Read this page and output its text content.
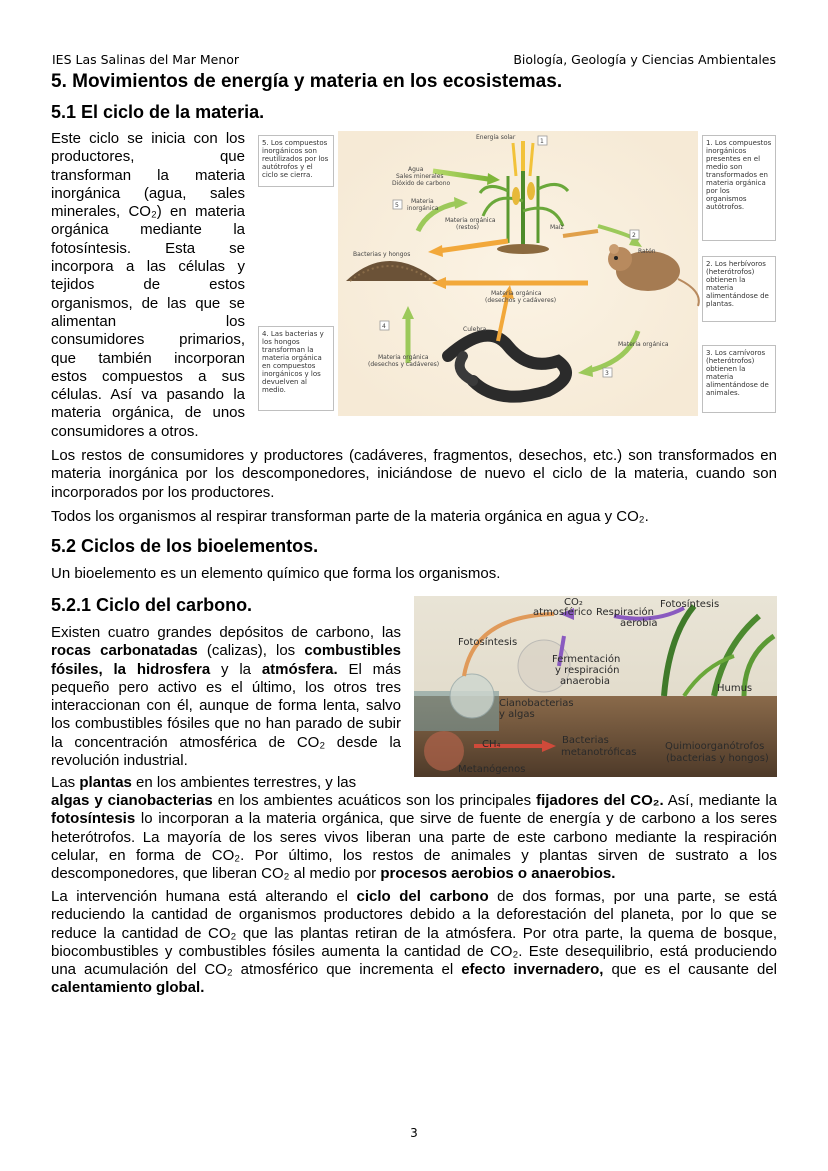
IES Las Salinas del Mar Menor	Biología, Geología y Ciencias Ambientales
5. Movimientos de energía y materia en los ecosistemas.
5.1 El ciclo de la materia.
Este ciclo se inicia con los
productores, que
transforman la materia
inorgánica (agua, sales
minerales, CO₂) en materia
orgánica mediante la
fotosíntesis. Esta se
incorpora a las células y
tejidos de estos
organismos, de las que se
alimentan los
consumidores primarios,
que también incorporan
estos compuestos a sus
células. Así va pasando la
materia orgánica, de unos
consumidores a otros.
1
5
2
4
3
Energía solar
Agua
Sales minerales
Dióxido de carbono
Materia
inorgánica
Materia orgánica
(restos)	Maíz
Bacterias y hongos	Ratón
Materia orgánica
(desechos y cadáveres)
Culebra
Materia orgánica
Materia orgánica
(desechos y cadáveres)
5. Los compuestos inorgánicos son reutilizados por los autótrofos y el ciclo se cierra.
4. Las bacterias y los hongos transforman la materia orgánica en compuestos inorgánicos y los devuelven al medio.
1. Los compuestos inorgánicos presentes en el medio son transformados en materia orgánica por los organismos autótrofos.
2. Los herbívoros (heterótrofos) obtienen la materia alimentándose de plantas.
3. Los carnívoros (heterótrofos) obtienen la materia alimentándose de animales.
Los restos de consumidores y productores (cadáveres, fragmentos, desechos, etc.) son transformados en materia inorgánica por los descomponedores, iniciándose de nuevo el ciclo de la materia, cuando son incorporados por los productores.
Todos los organismos al respirar transforman parte de la materia orgánica en agua y CO₂.
5.2 Ciclos de los bioelementos.
Un bioelemento es un elemento químico que forma los organismos.
5.2.1 Ciclo del carbono.
Existen cuatro grandes depósitos de carbono, las rocas carbonatadas (calizas), los combustibles fósiles, la hidrosfera y la atmósfera. El más pequeño pero activo es el último, los otros tres interaccionan con él, aunque de forma lenta, salvo los combustibles fósiles que no han parado de subir la concentración atmosférica de CO₂ desde la revolución industrial.
Las plantas en los ambientes terrestres, y las
algas y cianobacterias en los ambientes acuáticos son los principales fijadores del CO₂. Así, mediante la fotosíntesis lo incorporan a la materia orgánica, que sirve de fuente de energía y de carbono a los seres heterótrofos. La mayoría de los seres vivos liberan una parte de este carbono mediante la respiración celular, en forma de CO₂. Por último, los restos de animales y plantas sirven de sustrato a los descomponedores, que liberan CO₂ al medio por procesos aerobios o anaerobios.
La intervención humana está alterando el ciclo del carbono de dos formas, por una parte, se está reduciendo la cantidad de organismos productores debido a la deforestación del planeta, por lo que se reduce la cantidad de CO₂ que las plantas retiran de la atmósfera. Por otra parte, la quema de bosque, biocombustibles y combustibles fósiles aumenta la cantidad de CO₂. Este desequilibrio, está produciendo una acumulación del CO₂ atmosférico que incrementa el efecto invernadero, que es el causante del calentamiento global.
CO₂
atmosférico Respiración
aerobia
Fotosíntesis
Fotosíntesis
Fermentación
y respiración
anaerobia
Humus
Cianobacterias
y algas
CH₄
Metanógenos
Bacterias
metanotróficas
Quimioorganótrofos
(bacterias y hongos)
3
